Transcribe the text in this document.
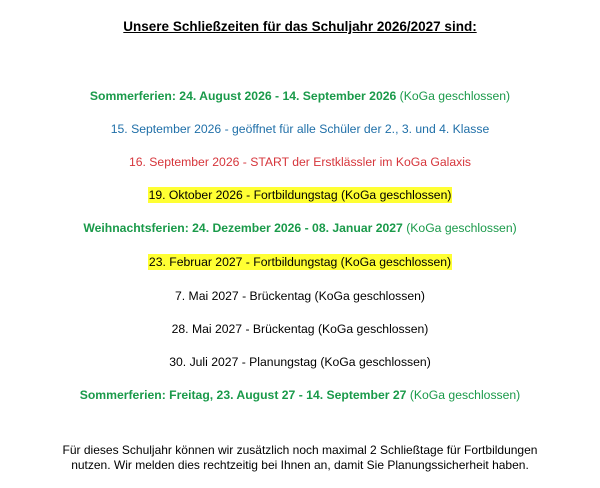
Unsere Schließzeiten für das Schuljahr 2026/2027 sind:
Sommerferien: 24. August 2026 - 14. September 2026 (KoGa geschlossen)
15. September 2026 - geöffnet für alle Schüler der 2., 3. und 4. Klasse
16. September 2026 - START der Erstklässler im KoGa Galaxis
19. Oktober 2026 - Fortbildungstag (KoGa geschlossen)
Weihnachtsferien: 24. Dezember 2026 - 08. Januar 2027 (KoGa geschlossen)
23. Februar 2027 - Fortbildungstag (KoGa geschlossen)
7. Mai 2027 - Brückentag (KoGa geschlossen)
28. Mai 2027 - Brückentag (KoGa geschlossen)
30. Juli 2027 - Planungstag (KoGa geschlossen)
Sommerferien: Freitag, 23. August 27 - 14. September 27 (KoGa geschlossen)
Für dieses Schuljahr können wir zusätzlich noch maximal 2 Schließtage für Fortbildungen
nutzen. Wir melden dies rechtzeitig bei Ihnen an, damit Sie Planungssicherheit haben.
